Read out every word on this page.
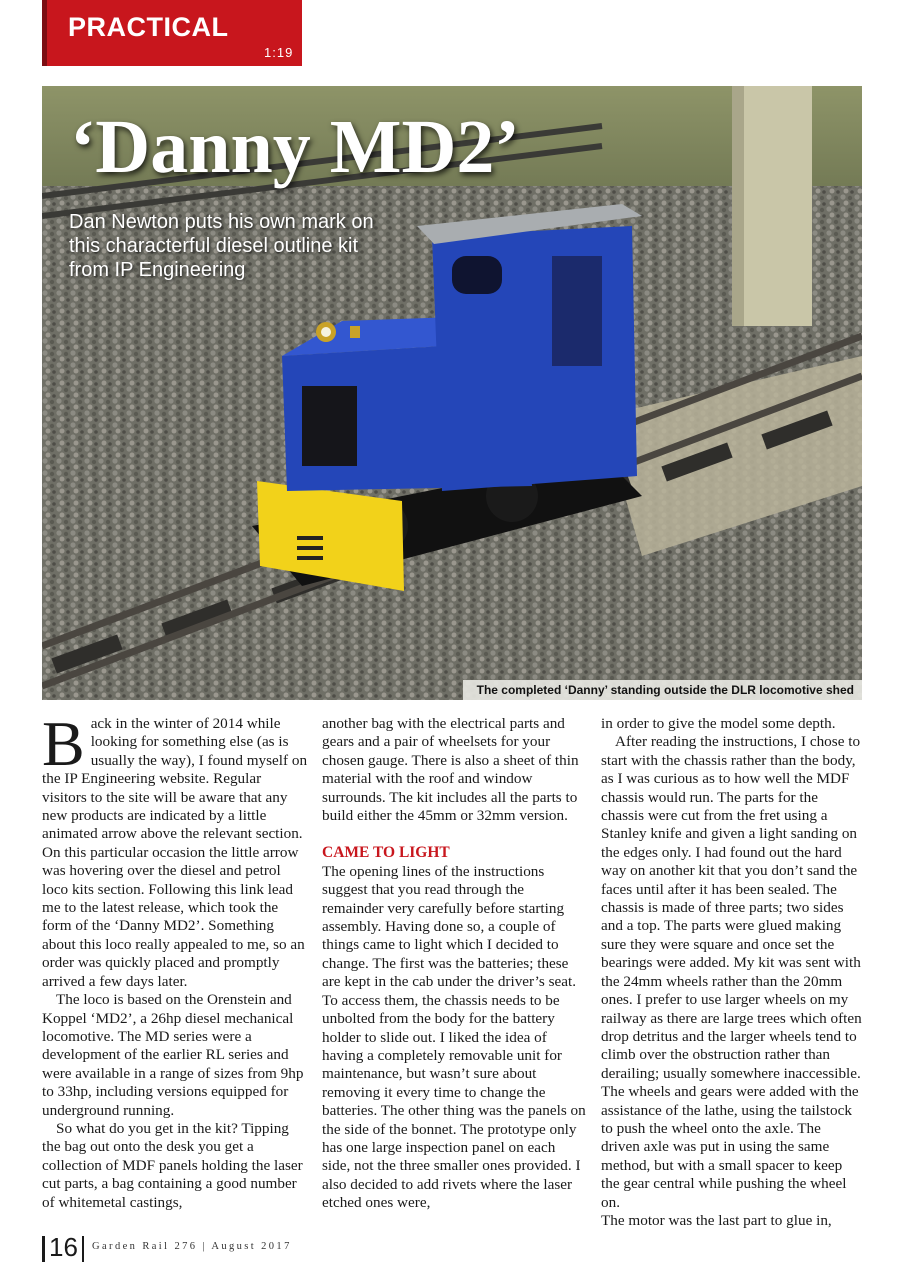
PRACTICAL
1:19
‘Danny MD2’
Dan Newton puts his own mark on this characterful diesel outline kit from IP Engineering
The completed ‘Danny’ standing outside the DLR locomotive shed

Back in the winter of 2014 while looking for something else (as is usually the way), I found myself on the IP Engineering website. Regular visitors to the site will be aware that any new products are indicated by a little animated arrow above the relevant section. On this particular occasion the little arrow was hovering over the diesel and petrol loco kits section. Following this link lead me to the latest release, which took the form of the ‘Danny MD2’. Something about this loco really appealed to me, so an order was quickly placed and promptly arrived a few days later.

The loco is based on the Orenstein and Koppel ‘MD2’, a 26hp diesel mechanical locomotive. The MD series were a development of the earlier RL series and were available in a range of sizes from 9hp to 33hp, including versions equipped for underground running.

So what do you get in the kit? Tipping the bag out onto the desk you get a collection of MDF panels holding the laser cut parts, a bag containing a good number of whitemetal castings,

another bag with the electrical parts and gears and a pair of wheelsets for your chosen gauge. There is also a sheet of thin material with the roof and window surrounds. The kit includes all the parts to build either the 45mm or 32mm version.

CAME TO LIGHT

The opening lines of the instructions suggest that you read through the remainder very carefully before starting assembly. Having done so, a couple of things came to light which I decided to change. The first was the batteries; these are kept in the cab under the driver’s seat. To access them, the chassis needs to be unbolted from the body for the battery holder to slide out. I liked the idea of having a completely removable unit for maintenance, but wasn’t sure about removing it every time to change the batteries. The other thing was the panels on the side of the bonnet. The prototype only has one large inspection panel on each side, not the three smaller ones provided. I also decided to add rivets where the laser etched ones were,

in order to give the model some depth.

After reading the instructions, I chose to start with the chassis rather than the body, as I was curious as to how well the MDF chassis would run. The parts for the chassis were cut from the fret using a Stanley knife and given a light sanding on the edges only. I had found out the hard way on another kit that you don’t sand the faces until after it has been sealed. The chassis is made of three parts; two sides and a top. The parts were glued making sure they were square and once set the bearings were added. My kit was sent with the 24mm wheels rather than the 20mm ones. I prefer to use larger wheels on my railway as there are large trees which often drop detritus and the larger wheels tend to climb over the obstruction rather than derailing; usually somewhere inaccessible. The wheels and gears were added with the assistance of the lathe, using the tailstock to push the wheel onto the axle. The driven axle was put in using the same method, but with a small spacer to keep the gear central while pushing the wheel on.

The motor was the last part to glue in,

16 Garden Rail 276 | August 2017
